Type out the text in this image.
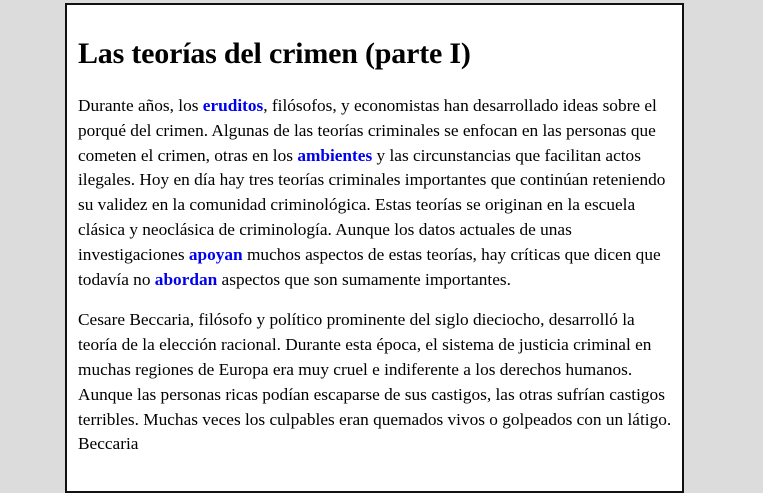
Las teorías del crimen (parte I)

Durante años, los eruditos, filósofos, y economistas han desarrollado ideas sobre el porqué del crimen. Algunas de las teorías criminales se enfocan en las personas que cometen el crimen, otras en los ambientes y las circunstancias que facilitan actos ilegales. Hoy en día hay tres teorías criminales importantes que continúan reteniendo su validez en la comunidad criminológica. Estas teorías se originan en la escuela clásica y neoclásica de criminología. Aunque los datos actuales de unas investigaciones apoyan muchos aspectos de estas teorías, hay críticas que dicen que todavía no abordan aspectos que son sumamente importantes.

Cesare Beccaria, filósofo y político prominente del siglo dieciocho, desarrolló la teoría de la elección racional. Durante esta época, el sistema de justicia criminal en muchas regiones de Europa era muy cruel e indiferente a los derechos humanos. Aunque las personas ricas podían escaparse de sus castigos, las otras sufrían castigos terribles. Muchas veces los culpables eran quemados vivos o golpeados con un látigo. Beccaria
